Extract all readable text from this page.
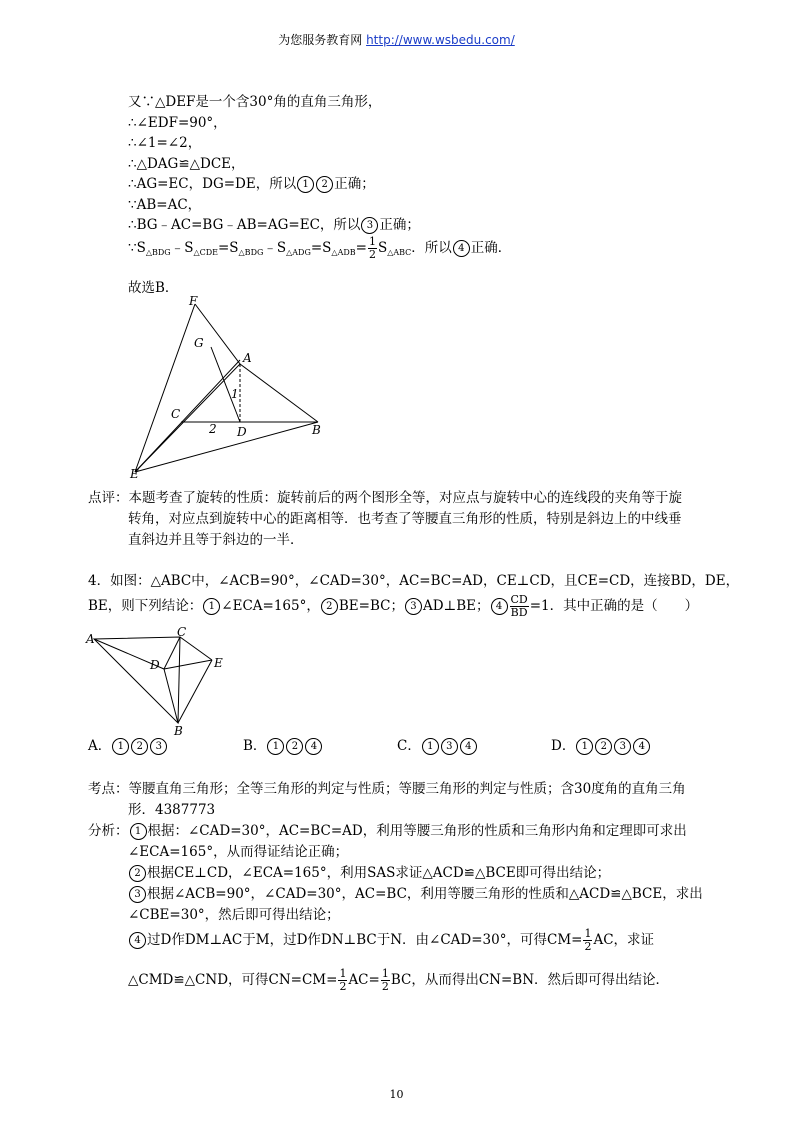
为您服务教育网 http://www.wsbedu.com/
又∵△DEF是一个含30°角的直角三角形，
∴∠EDF=90°，
∴∠1=∠2，
∴△DAG≌△DCE，
∴AG=EC，DG=DE，所以 1 2 正确；
∵AB=AC，
∴BG﹣AC=BG﹣AB=AG=EC，所以 3 正确；
$\because S_{\triangle BDG}﹣S_{\triangle CDE}=S_{\triangle BDG}﹣S_{\triangle ADG}=S_{\triangle ADB}= \frac{1}{2} S_{\triangle ABC}$．所以 4 正确．
故选B．
F
G
A
C
D	B
E
1
2
点评：本题考查了旋转的性质：旋转前后的两个图形全等，对应点与旋转中心的连线段的夹角等于旋
转角，对应点到旋转中心的距离相等．也考查了等腰直三角形的性质，特别是斜边上的中线垂
直斜边并且等于斜边的一半．
4．如图：△ABC中，∠ACB=90°，∠CAD=30°，AC=BC=AD，CE⊥CD，且CE=CD，连接BD，DE，
BE，则下列结论： 1 ∠ECA=165°， 2 BE=BC； 3 AD⊥BE； $4 \frac{CD}{BD} =1$．其中正确的是（　　）
A	C
D	E
B
A． 1 2 3	B． 1 2 4	C． 1 3 4	D． 1 2 3 4
考点：等腰直角三角形；全等三角形的判定与性质；等腰三角形的判定与性质；含30度角的直角三角
形．4387773
分析： 1 根据：∠CAD=30°，AC=BC=AD，利用等腰三角形的性质和三角形内角和定理即可求出
∠ECA=165°，从而得证结论正确；
2 根据CE⊥CD，∠ECA=165°，利用SAS求证△ACD≌△BCE即可得出结论；
3 根据∠ACB=90°，∠CAD=30°，AC=BC，利用等腰三角形的性质和△ACD≌△BCE，求出
∠CBE=30°，然后即可得出结论；
4 过D作DM⊥AC于M，过D作DN⊥BC于N．由∠CAD=30°，可得$CM= \frac{1}{2}$ AC，求证
△CMD≌△CND，可得$CN=CM= \frac{1}{2} AC= \frac{1}{2}$ BC，从而得出CN=BN．然后即可得出结论．
10
